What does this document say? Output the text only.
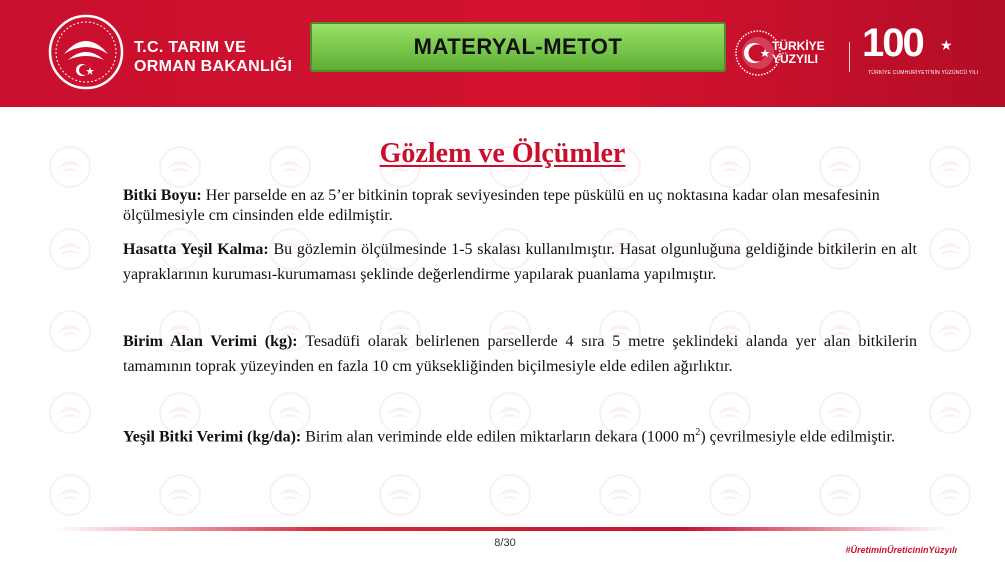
T.C. TARIM VE
ORMAN BAKANLIĞI
MATERYAL-METOT	TÜRKİYE
YÜZYILI 100 ★
TÜRKİYE CUMHURİYETİ'NİN YÜZÜNCÜ YILI
Gözlem ve Ölçümler
Bitki Boyu: Her parselde en az 5’er bitkinin toprak seviyesinden tepe püskülü en uç noktasına kadar olan mesafesinin ölçülmesiyle cm cinsinden elde edilmiştir.
Hasatta Yeşil Kalma: Bu gözlemin ölçülmesinde 1-5 skalası kullanılmıştır. Hasat olgunluğuna geldiğinde bitkilerin en alt yapraklarının kuruması-kurumaması şeklinde değerlendirme yapılarak puanlama yapılmıştır.
Birim Alan Verimi (kg): Tesadüfi olarak belirlenen parsellerde 4 sıra 5 metre şeklindeki alanda yer alan bitkilerin tamamının toprak yüzeyinden en fazla 10 cm yüksekliğinden biçilmesiyle elde edilen ağırlıktır.
Yeşil Bitki Verimi (kg/da): Birim alan veriminde elde edilen miktarların dekara (1000 $m^2$) çevrilmesiyle elde edilmiştir.
8/30
#ÜretiminÜreticininYüzyılı
